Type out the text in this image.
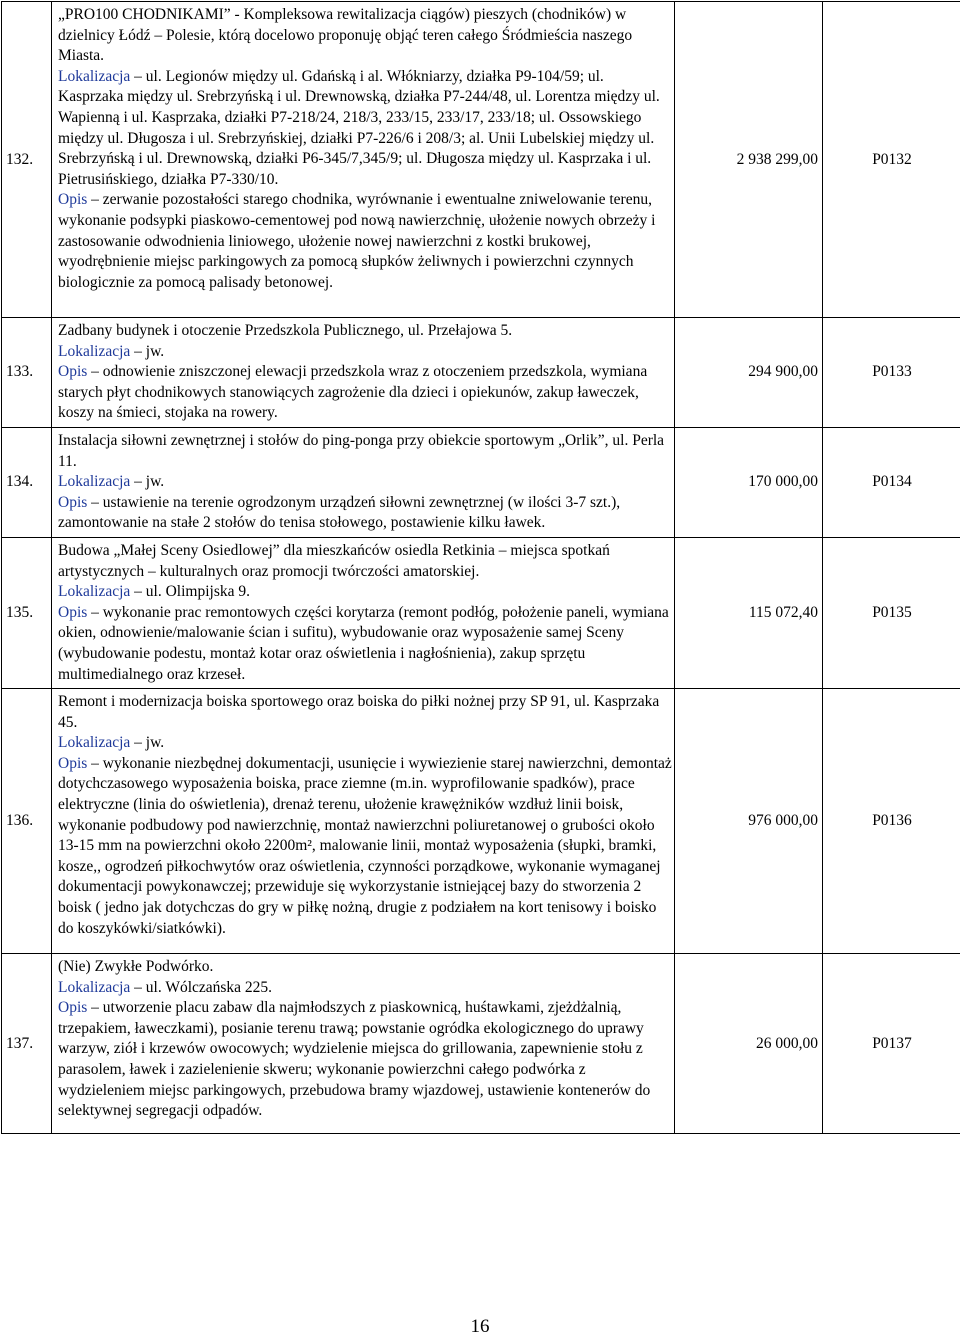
132.	„PRO100 CHODNIKAMI” - Kompleksowa rewitalizacja ciągów) pieszych (chodników) w dzielnicy Łódź – Polesie, którą docelowo proponuję objąć teren całego Śródmieścia naszego Miasta.

Lokalizacja – ul. Legionów między ul. Gdańską i al. Włókniarzy, działka P9-104/59; ul. Kasprzaka między ul. Srebrzyńską i ul. Drewnowską, działka P7-244/48, ul. Lorentza między ul. Wapienną i ul. Kasprzaka, działki P7-218/24, 218/3, 233/15, 233/17, 233/18; ul. Ossowskiego między ul. Długosza i ul. Srebrzyńskiej, działki P7-226/6 i 208/3; al. Unii Lubelskiej między ul. Srebrzyńską i ul. Drewnowską, działki P6-345/7,345/9; ul. Długosza między ul. Kasprzaka i ul. Pietrusińskiego, działka P7-330/10.

Opis – zerwanie pozostałości starego chodnika, wyrównanie i ewentualne zniwelowanie terenu, wykonanie podsypki piaskowo-cementowej pod nową nawierzchnię, ułożenie nowych obrzeży i zastosowanie odwodnienia liniowego, ułożenie nowej nawierzchni z kostki brukowej, wyodrębnienie miejsc parkingowych za pomocą słupków żeliwnych i powierzchni czynnych biologicznie za pomocą palisady betonowej.	2 938 299,00	P0132
133.	Zadbany budynek i otoczenie Przedszkola Publicznego, ul. Przełajowa 5.

Lokalizacja – jw.

Opis – odnowienie zniszczonej elewacji przedszkola wraz z otoczeniem przedszkola, wymiana starych płyt chodnikowych stanowiących zagrożenie dla dzieci i opiekunów, zakup ławeczek, koszy na śmieci, stojaka na rowery.	294 900,00	P0133
134.	Instalacja siłowni zewnętrznej i stołów do ping-ponga przy obiekcie sportowym „Orlik”, ul. Perla 11.

Lokalizacja – jw.

Opis – ustawienie na terenie ogrodzonym urządzeń siłowni zewnętrznej (w ilości 3-7 szt.), zamontowanie na stałe 2 stołów do tenisa stołowego, postawienie kilku ławek.	170 000,00	P0134
135.	Budowa „Małej Sceny Osiedlowej” dla mieszkańców osiedla Retkinia – miejsca spotkań artystycznych – kulturalnych oraz promocji twórczości amatorskiej.

Lokalizacja – ul. Olimpijska 9.

Opis – wykonanie prac remontowych części korytarza (remont podłóg, położenie paneli, wymiana okien, odnowienie/malowanie ścian i sufitu), wybudowanie oraz wyposażenie samej Sceny (wybudowanie podestu, montaż kotar oraz oświetlenia i nagłośnienia), zakup sprzętu multimedialnego oraz krzeseł.	115 072,40	P0135
136.	Remont i modernizacja boiska sportowego oraz boiska do piłki nożnej przy SP 91, ul. Kasprzaka 45.

Lokalizacja – jw.

Opis – wykonanie niezbędnej dokumentacji, usunięcie i wywiezienie starej nawierzchni, demontaż dotychczasowego wyposażenia boiska, prace ziemne (m.in. wyprofilowanie spadków), prace elektryczne (linia do oświetlenia), drenaż terenu, ułożenie krawężników wzdłuż linii boisk, wykonanie podbudowy pod nawierzchnię, montaż nawierzchni poliuretanowej o grubości około 13-15 mm na powierzchni około 2200m², malowanie linii, montaż wyposażenia (słupki, bramki, kosze,, ogrodzeń piłkochwytów oraz oświetlenia, czynności porządkowe, wykonanie wymaganej dokumentacji powykonawczej; przewiduje się wykorzystanie istniejącej bazy do stworzenia 2 boisk ( jedno jak dotychczas do gry w piłkę nożną, drugie z podziałem na kort tenisowy i boisko do koszykówki/siatkówki).	976 000,00	P0136
137.	(Nie) Zwykłe Podwórko.

Lokalizacja – ul. Wólczańska 225.

Opis – utworzenie placu zabaw dla najmłodszych z piaskownicą, huśtawkami, zjeżdżalnią, trzepakiem, ławeczkami), posianie terenu trawą; powstanie ogródka ekologicznego do uprawy warzyw, ziół i krzewów owocowych; wydzielenie miejsca do grillowania, zapewnienie stołu z parasolem, ławek i zazielenienie skweru; wykonanie powierzchni całego podwórka z wydzieleniem miejsc parkingowych, przebudowa bramy wjazdowej, ustawienie kontenerów do selektywnej segregacji odpadów.	26 000,00	P0137
16
